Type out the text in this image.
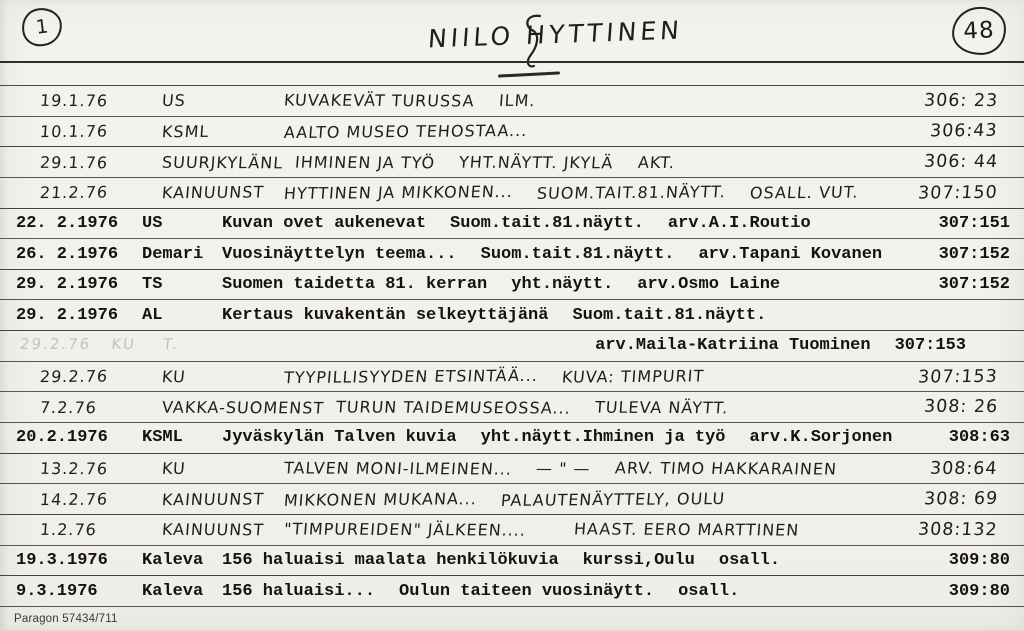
1	NIILO HYTTINEN	48
19.1.76	US	KUVAKEVÄT TURUSSA ILM.	306: 23
10.1.76	KSML	AALTO MUSEO TEHOSTAA...	306:43
29.1.76	SUURJKYLÄNL IHMINEN JA TYÖ YHT.NÄYTT. JKYLÄ AKT.	306: 44
21.2.76	KAINUUNST	HYTTINEN JA MIKKONEN... SUOM.TAIT.81.NÄYTT. OSALL. VUT.	307:150
22. 2.1976	US	Kuvan ovet aukenevat Suom.tait.81.näytt. arv.A.I.Routio	307:151
26. 2.1976	Demari	Vuosinäyttelyn teema... Suom.tait.81.näytt. arv.Tapani Kovanen	307:152
29. 2.1976	TS	Suomen taidetta 81. kerran yht.näytt. arv.Osmo Laine	307:152
29. 2.1976	AL	Kertaus kuvakentän selkeyttäjänä Suom.tait.81.näytt.
29.2.76   KU    T.	arv.Maila-Katriina Tuominen 307:153
29.2.76	KU	TYYPILLISYYDEN ETSINTÄÄ... KUVA: TIMPURIT	307:153
7.2.76	VAKKA-SUOMENST TURUN TAIDEMUSEOSSA... TULEVA NÄYTT.	308: 26
20.2.1976	KSML	Jyväskylän Talven kuvia yht.näytt.Ihminen ja työ arv.K.Sorjonen	308:63
13.2.76	KU	TALVEN MONI-ILMEINEN... — " — ARV. TIMO HAKKARAINEN	308:64
14.2.76	KAINUUNST	MIKKONEN MUKANA... PALAUTENÄYTTELY, OULU	308: 69
1.2.76	KAINUUNST	"TIMPUREIDEN" JÄLKEEN....	HAAST. EERO MARTTINEN	308:132
19.3.1976	Kaleva	156 haluaisi maalata henkilökuvia kurssi,Oulu osall.	309:80
9.3.1976	Kaleva	156 haluaisi... Oulun taiteen vuosinäytt. osall.	309:80
Paragon 57434/711
